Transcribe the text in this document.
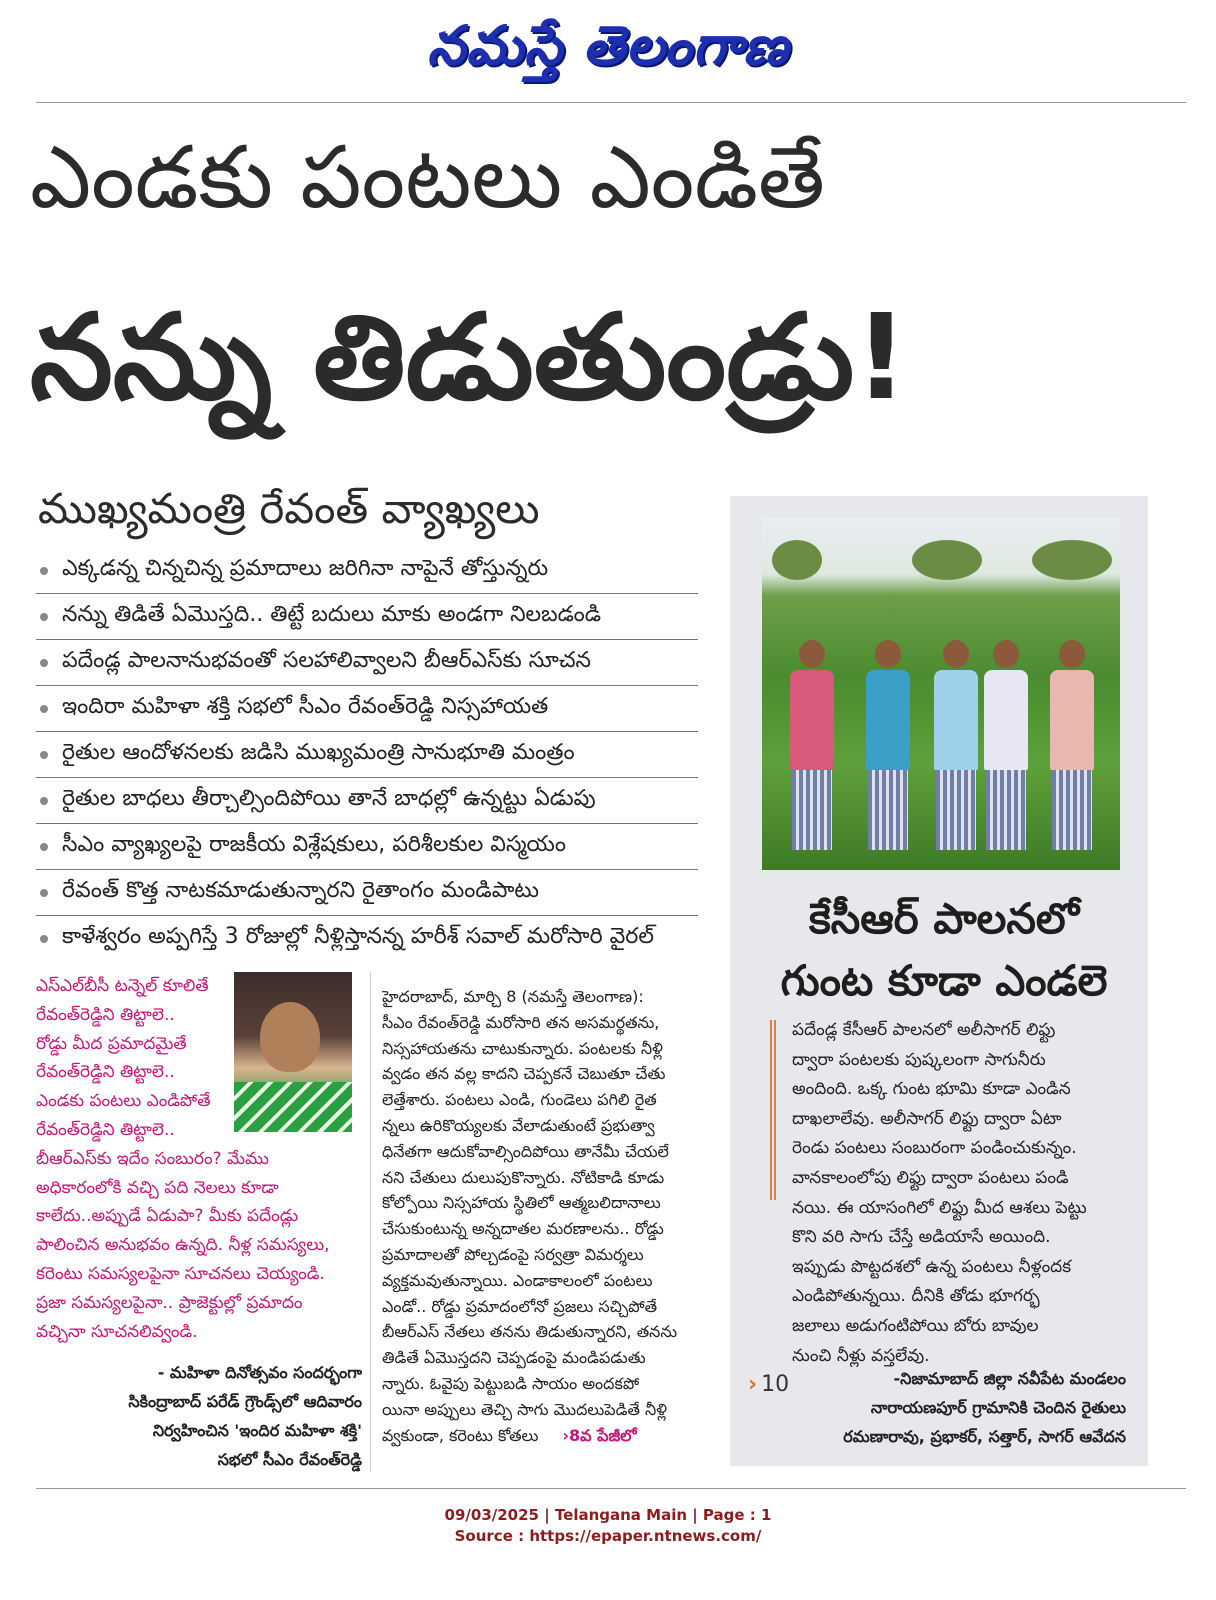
నమస్తే తెలంగాణ
ఎండకు పంటలు ఎండితే
నన్ను తిడుతుండ్రు!
ముఖ్యమంత్రి రేవంత్ వ్యాఖ్యలు
ఎక్కడన్న చిన్నచిన్న ప్రమాదాలు జరిగినా నాపైనే తోస్తున్నరు
నన్ను తిడితే ఏమొస్తది.. తిట్టే బదులు మాకు అండగా నిలబడండి
పదేండ్ల పాలనానుభవంతో సలహాలివ్వాలని బీఆర్ఎస్‌కు సూచన
ఇందిరా మహిళా శక్తి సభలో సీఎం రేవంత్‌రెడ్డి నిస్సహాయత
రైతుల ఆందోళనలకు జడిసి ముఖ్యమంత్రి సానుభూతి మంత్రం
రైతుల బాధలు తీర్చాల్సిందిపోయి తానే బాధల్లో ఉన్నట్టు ఏడుపు
సీఎం వ్యాఖ్యలపై రాజకీయ విశ్లేషకులు, పరిశీలకుల విస్మయం
రేవంత్ కొత్త నాటకమాడుతున్నారని రైతాంగం మండిపాటు
కాళేశ్వరం అప్పగిస్తే 3 రోజుల్లో నీళ్లిస్తానన్న హరీశ్ సవాల్ మరోసారి వైరల్
ఎస్ఎల్‌బీసీ టన్నెల్ కూలితే
రేవంత్‌రెడ్డిని తిట్టాలె..
రోడ్డు మీద ప్రమాదమైతే
రేవంత్‌రెడ్డిని తిట్టాలె..
ఎండకు పంటలు ఎండిపోతే
రేవంత్‌రెడ్డిని తిట్టాలె..
బీఆర్ఎస్‌కు ఇదేం సంబురం? మేము
అధికారంలోకి వచ్చి పది నెలలు కూడా
కాలేదు..అప్పుడే ఏడుపా? మీకు పదేండ్లు
పాలించిన అనుభవం ఉన్నది. నీళ్ల సమస్యలు,
కరెంటు సమస్యలపైనా సూచనలు చెయ్యండి.
ప్రజా సమస్యలపైనా.. ప్రాజెక్టుల్లో ప్రమాదం
వచ్చినా సూచనలివ్వండి.
- మహిళా దినోత్సవం సందర్భంగా
సికింద్రాబాద్ పరేడ్ గ్రౌండ్స్‌లో ఆదివారం
నిర్వహించిన 'ఇందిర మహిళా శక్తి'
సభలో సీఎం రేవంత్‌రెడ్డి
హైదరాబాద్, మార్చి 8 (నమస్తే తెలంగాణ):
సీఎం రేవంత్‌రెడ్డి మరోసారి తన అసమర్థతను,
నిస్సహాయతను చాటుకున్నారు. పంటలకు నీళ్లి
వ్వడం తన వల్ల కాదని చెప్పకనే చెబుతూ చేతు
లెత్తేశారు. పంటలు ఎండి, గుండెలు పగిలి రైత
న్నలు ఉరికొయ్యలకు వేలాడుతుంటే ప్రభుత్వా
ధినేతగా ఆదుకోవాల్సిందిపోయి తానేమీ చేయలే
నని చేతులు దులుపుకొన్నారు. నోటికాడి కూడు
కోల్పోయి నిస్సహాయ స్థితిలో ఆత్మబలిదానాలు
చేసుకుంటున్న అన్నదాతల మరణాలను.. రోడ్డు
ప్రమాదాలతో పోల్చడంపై సర్వత్రా విమర్శలు
వ్యక్తమవుతున్నాయి. ఎండాకాలంలో పంటలు
ఎండో.. రోడ్డు ప్రమాదంలోనో ప్రజలు సచ్చిపోతే
బీఆర్ఎస్ నేతలు తనను తిడుతున్నారని, తనను
తిడితే ఏమొస్తదని చెప్పడంపై మండిపడుతు
న్నారు. ఓవైపు పెట్టుబడి సాయం అందకపో
యినా అప్పులు తెచ్చి సాగు మొదలుపెడితే నీళ్లి
వ్వకుండా, కరెంటు కోతలు ›8వ పేజీలో
కేసీఆర్ పాలనలో
గుంట కూడా ఎండలె
పదేండ్ల కేసీఆర్ పాలనలో అలీసాగర్ లిఫ్టు
ద్వారా పంటలకు పుష్కలంగా సాగునీరు
అందింది. ఒక్క గుంట భూమి కూడా ఎండిన
దాఖలాలేవు. అలీసాగర్ లిఫ్టు ద్వారా ఏటా
రెండు పంటలు సంబురంగా పండించుకున్నం.
వానకాలంలోపు లిఫ్టు ద్వారా పంటలు పండి
నయి. ఈ యాసంగిలో లిఫ్టు మీద ఆశలు పెట్టు
కొని వరి సాగు చేస్తే అడియాసే అయింది.
ఇప్పుడు పొట్టదశలో ఉన్న పంటలు నీళ్లందక
ఎండిపోతున్నయి. దీనికి తోడు భూగర్భ
జలాలు అడుగంటిపోయి బోరు బావుల
నుంచి నీళ్లు వస్తలేవు.
› 10	-నిజామాబాద్ జిల్లా నవీపేట మండలం
నారాయణపూర్ గ్రామానికి చెందిన రైతులు
రమణారావు, ప్రభాకర్, సత్తార్, సాగర్ ఆవేదన
09/03/2025 | Telangana Main | Page : 1
Source : https://epaper.ntnews.com/
